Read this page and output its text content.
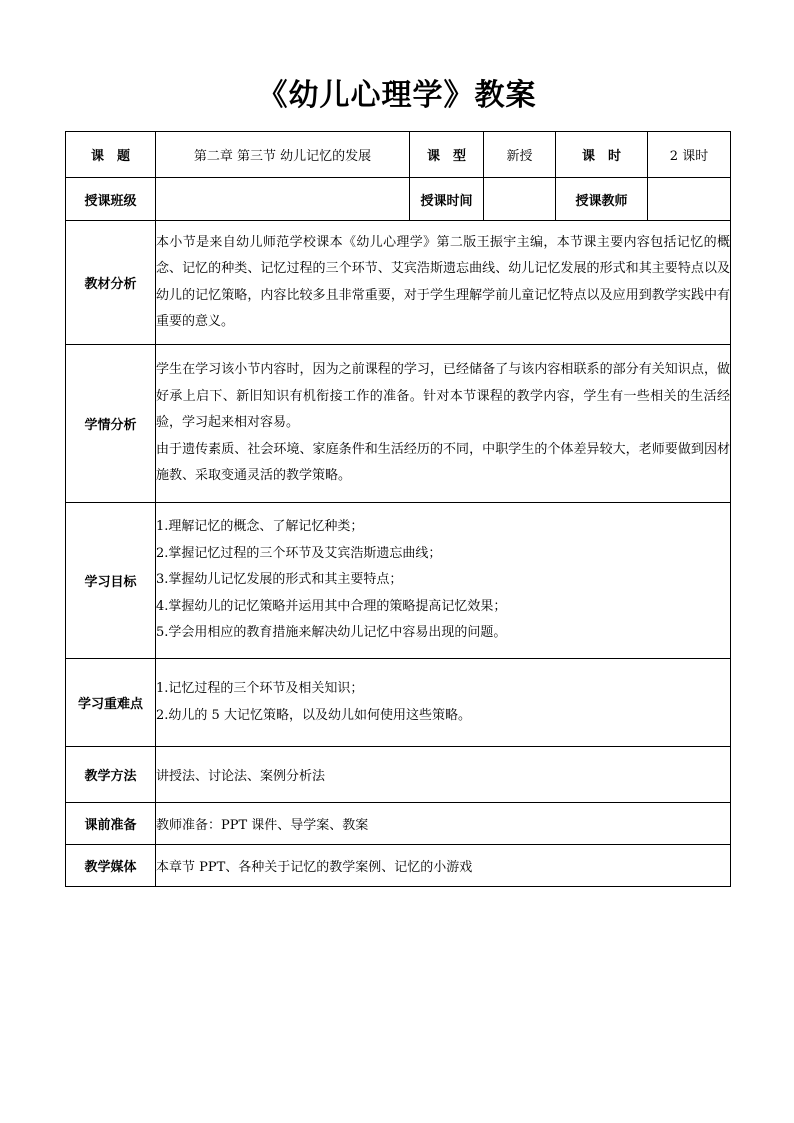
《幼儿心理学》教案
课　题	第二章 第三节 幼儿记忆的发展	课　型	新授	课　时	2 课时
授课班级		授课时间		授课教师	
教材分析	本小节是来自幼儿师范学校课本《幼儿心理学》第二版王振宇主编，本节课主要内容包括记忆的概念、记忆的种类、记忆过程的三个环节、艾宾浩斯遗忘曲线、幼儿记忆发展的形式和其主要特点以及幼儿的记忆策略，内容比较多且非常重要，对于学生理解学前儿童记忆特点以及应用到教学实践中有重要的意义。				

学情分析	学生在学习该小节内容时，因为之前课程的学习，已经储备了与该内容相联系的部分有关知识点，做好承上启下、新旧知识有机衔接工作的准备。针对本节课程的教学内容，学生有一些相关的生活经验，学习起来相对容易。

由于遗传素质、社会环境、家庭条件和生活经历的不同，中职学生的个体差异较大，老师要做到因材施教、采取变通灵活的教学策略。				

学习目标	1.理解记忆的概念、了解记忆种类；

2.掌握记忆过程的三个环节及艾宾浩斯遗忘曲线；

3.掌握幼儿记忆发展的形式和其主要特点；

4.掌握幼儿的记忆策略并运用其中合理的策略提高记忆效果；

5.学会用相应的教育措施来解决幼儿记忆中容易出现的问题。				

学习重难点	1.记忆过程的三个环节及相关知识；

2.幼儿的 5 大记忆策略，以及幼儿如何使用这些策略。				

教学方法	讲授法、讨论法、案例分析法				
课前准备	教师准备：PPT 课件、导学案、教案				
教学媒体	本章节 PPT、各种关于记忆的教学案例、记忆的小游戏				
